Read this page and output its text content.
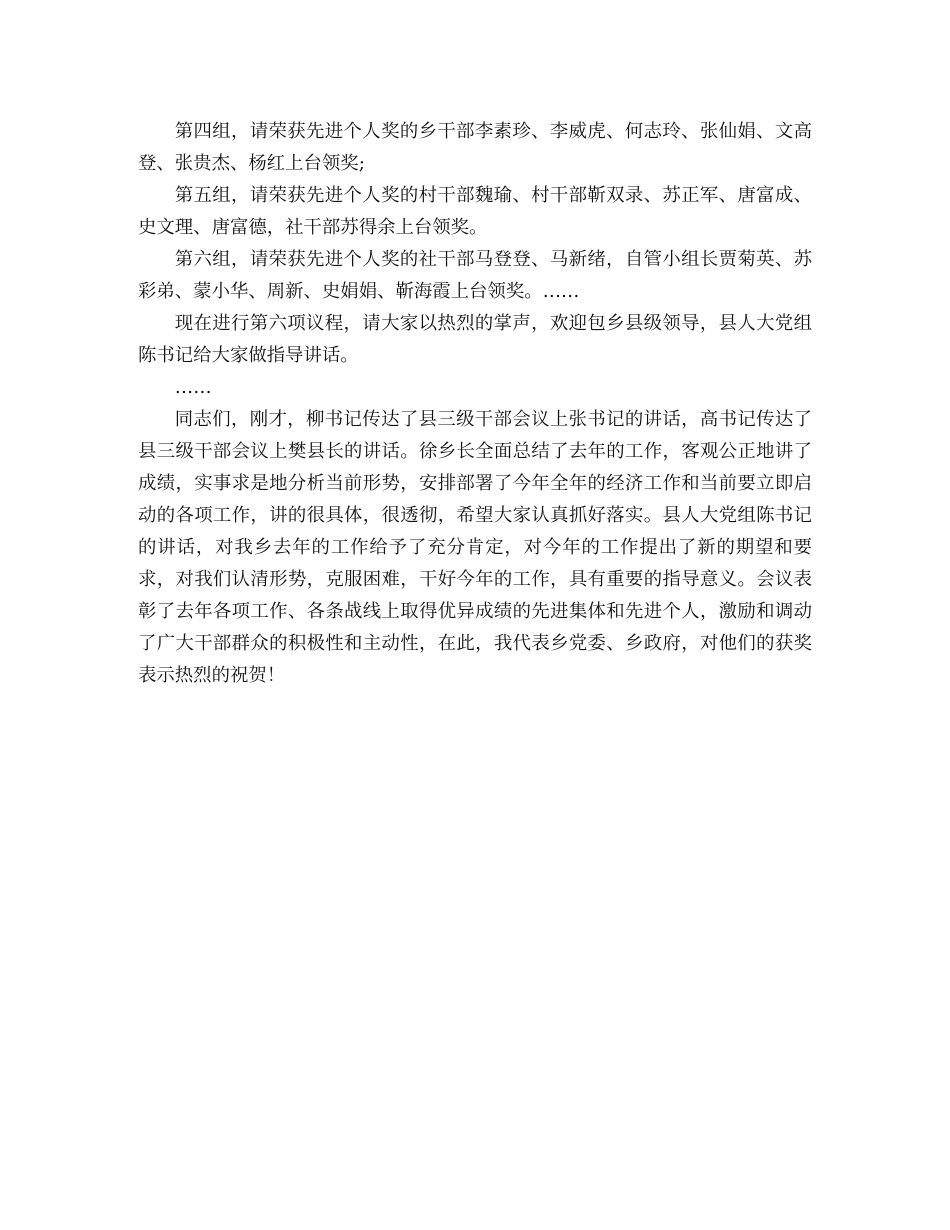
第四组，请荣获先进个人奖的乡干部李素珍、李威虎、何志玲、张仙娟、文高登、张贵杰、杨红上台领奖;

第五组，请荣获先进个人奖的村干部魏瑜、村干部靳双录、苏正军、唐富成、史文理、唐富德，社干部苏得余上台领奖。

第六组，请荣获先进个人奖的社干部马登登、马新绪，自管小组长贾菊英、苏彩弟、蒙小华、周新、史娟娟、靳海霞上台领奖。……

现在进行第六项议程，请大家以热烈的掌声，欢迎包乡县级领导，县人大党组陈书记给大家做指导讲话。

……

同志们，刚才，柳书记传达了县三级干部会议上张书记的讲话，高书记传达了县三级干部会议上樊县长的讲话。徐乡长全面总结了去年的工作，客观公正地讲了成绩，实事求是地分析当前形势，安排部署了今年全年的经济工作和当前要立即启动的各项工作，讲的很具体，很透彻，希望大家认真抓好落实。县人大党组陈书记的讲话，对我乡去年的工作给予了充分肯定，对今年的工作提出了新的期望和要求，对我们认清形势，克服困难，干好今年的工作，具有重要的指导意义。会议表彰了去年各项工作、各条战线上取得优异成绩的先进集体和先进个人，激励和调动了广大干部群众的积极性和主动性，在此，我代表乡党委、乡政府，对他们的获奖表示热烈的祝贺！
